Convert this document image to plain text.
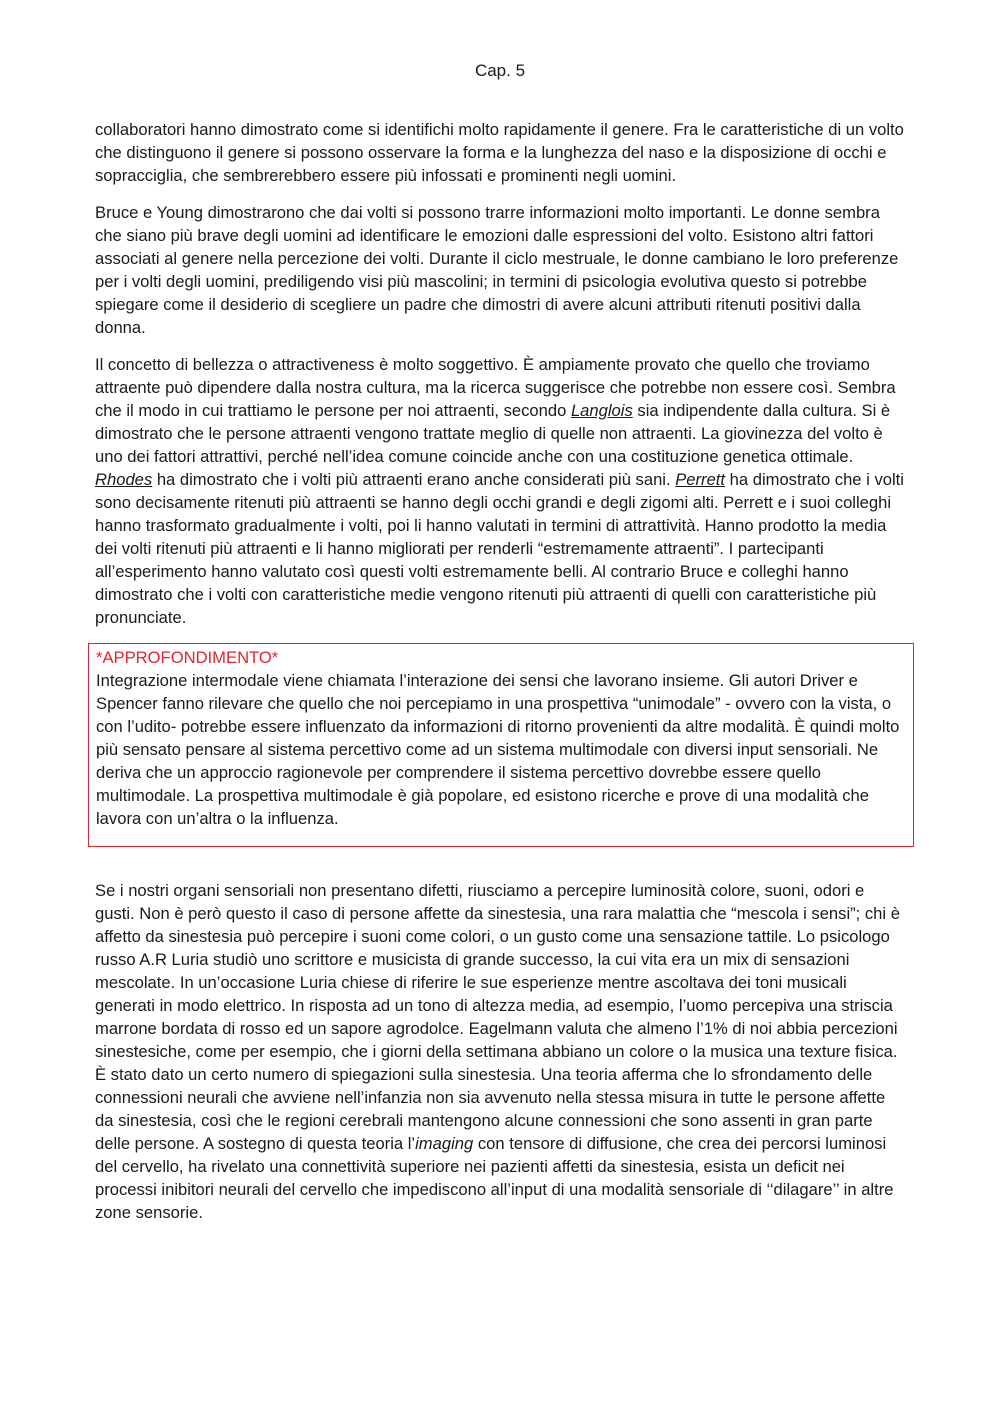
Cap. 5

collaboratori hanno dimostrato come si identifichi molto rapidamente il genere. Fra le caratteristiche di un volto che distinguono il genere si possono osservare la forma e la lunghezza del naso e la disposizione di occhi e sopracciglia, che sembrerebbero essere più infossati e prominenti negli uomini.

Bruce e Young dimostrarono che dai volti si possono trarre informazioni molto importanti. Le donne sembra che siano più brave degli uomini ad identificare le emozioni dalle espressioni del volto. Esistono altri fattori associati al genere nella percezione dei volti. Durante il ciclo mestruale, le donne cambiano le loro preferenze per i volti degli uomini, prediligendo visi più mascolini; in termini di psicologia evolutiva questo si potrebbe spiegare come il desiderio di scegliere un padre che dimostri di avere alcuni attributi ritenuti positivi dalla donna.

Il concetto di bellezza o attractiveness è molto soggettivo. È ampiamente provato che quello che troviamo attraente può dipendere dalla nostra cultura, ma la ricerca suggerisce che potrebbe non essere così. Sembra che il modo in cui trattiamo le persone per noi attraenti, secondo Langlois sia indipendente dalla cultura. Si è dimostrato che le persone attraenti vengono trattate meglio di quelle non attraenti. La giovinezza del volto è uno dei fattori attrattivi, perché nell’idea comune coincide anche con una costituzione genetica ottimale.

Rhodes ha dimostrato che i volti più attraenti erano anche considerati più sani. Perrett ha dimostrato che i volti sono decisamente ritenuti più attraenti se hanno degli occhi grandi e degli zigomi alti. Perrett e i suoi colleghi hanno trasformato gradualmente i volti, poi li hanno valutati in termini di attrattività. Hanno prodotto la media dei volti ritenuti più attraenti e li hanno migliorati per renderli “estremamente attraenti”. I partecipanti all’esperimento hanno valutato così questi volti estremamente belli. Al contrario Bruce e colleghi hanno dimostrato che i volti con caratteristiche medie vengono ritenuti più attraenti di quelli con caratteristiche più pronunciate.

*APPROFONDIMENTO*

Integrazione intermodale viene chiamata l’interazione dei sensi che lavorano insieme. Gli autori Driver e Spencer fanno rilevare che quello che noi percepiamo in una prospettiva “unimodale” - ovvero con la vista, o con l’udito- potrebbe essere influenzato da informazioni di ritorno provenienti da altre modalità. È quindi molto più sensato pensare al sistema percettivo come ad un sistema multimodale con diversi input sensoriali. Ne deriva che un approccio ragionevole per comprendere il sistema percettivo dovrebbe essere quello multimodale. La prospettiva multimodale è già popolare, ed esistono ricerche e prove di una modalità che lavora con un’altra o la influenza.

Se i nostri organi sensoriali non presentano difetti, riusciamo a percepire luminosità colore, suoni, odori e gusti. Non è però questo il caso di persone affette da sinestesia, una rara malattia che “mescola i sensi”; chi è affetto da sinestesia può percepire i suoni come colori, o un gusto come una sensazione tattile. Lo psicologo russo A.R Luria studiò uno scrittore e musicista di grande successo, la cui vita era un mix di sensazioni mescolate. In un’occasione Luria chiese di riferire le sue esperienze mentre ascoltava dei toni musicali generati in modo elettrico. In risposta ad un tono di altezza media, ad esempio, l’uomo percepiva una striscia marrone bordata di rosso ed un sapore agrodolce. Eagelmann valuta che almeno l’1% di noi abbia percezioni sinestesiche, come per esempio, che i giorni della settimana abbiano un colore o la musica una texture fisica. È stato dato un certo numero di spiegazioni sulla sinestesia. Una teoria afferma che lo sfrondamento delle connessioni neurali che avviene nell’infanzia non sia avvenuto nella stessa misura in tutte le persone affette da sinestesia, così che le regioni cerebrali mantengono alcune connessioni che sono assenti in gran parte delle persone. A sostegno di questa teoria l’imaging con tensore di diffusione, che crea dei percorsi luminosi del cervello, ha rivelato una connettività superiore nei pazienti affetti da sinestesia, esista un deficit nei processi inibitori neurali del cervello che impediscono all’input di una modalità sensoriale di ‘‘dilagare’’ in altre zone sensorie.
